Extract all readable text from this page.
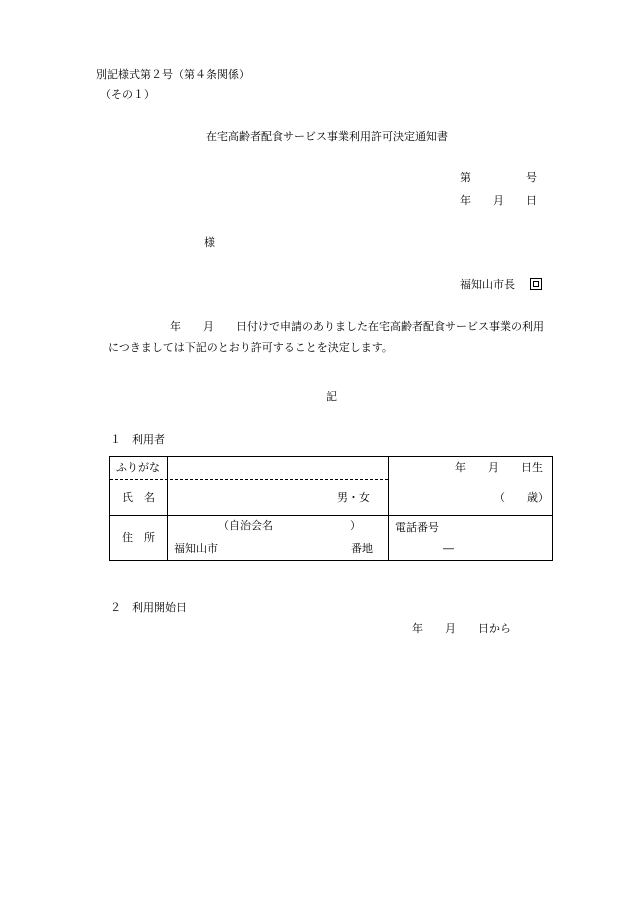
別記様式第２号（第４条関係）
（その１）
在宅高齢者配食サービス事業利用許可決定通知書
第　　　　　号
年　　月　　日
様
福知山市長
年　　月　　日付けで申請のありました在宅高齢者配食サービス事業の利用
につきましては下記のとおり許可することを決定します。
記
１　利用者
ふりがな
氏　名	男・女
年　　月　　日生
（　　歳）
住　所
（自治会名　　　　　　　）
福知山市	番地
電話番号
―
２　利用開始日
年　　月　　日から
